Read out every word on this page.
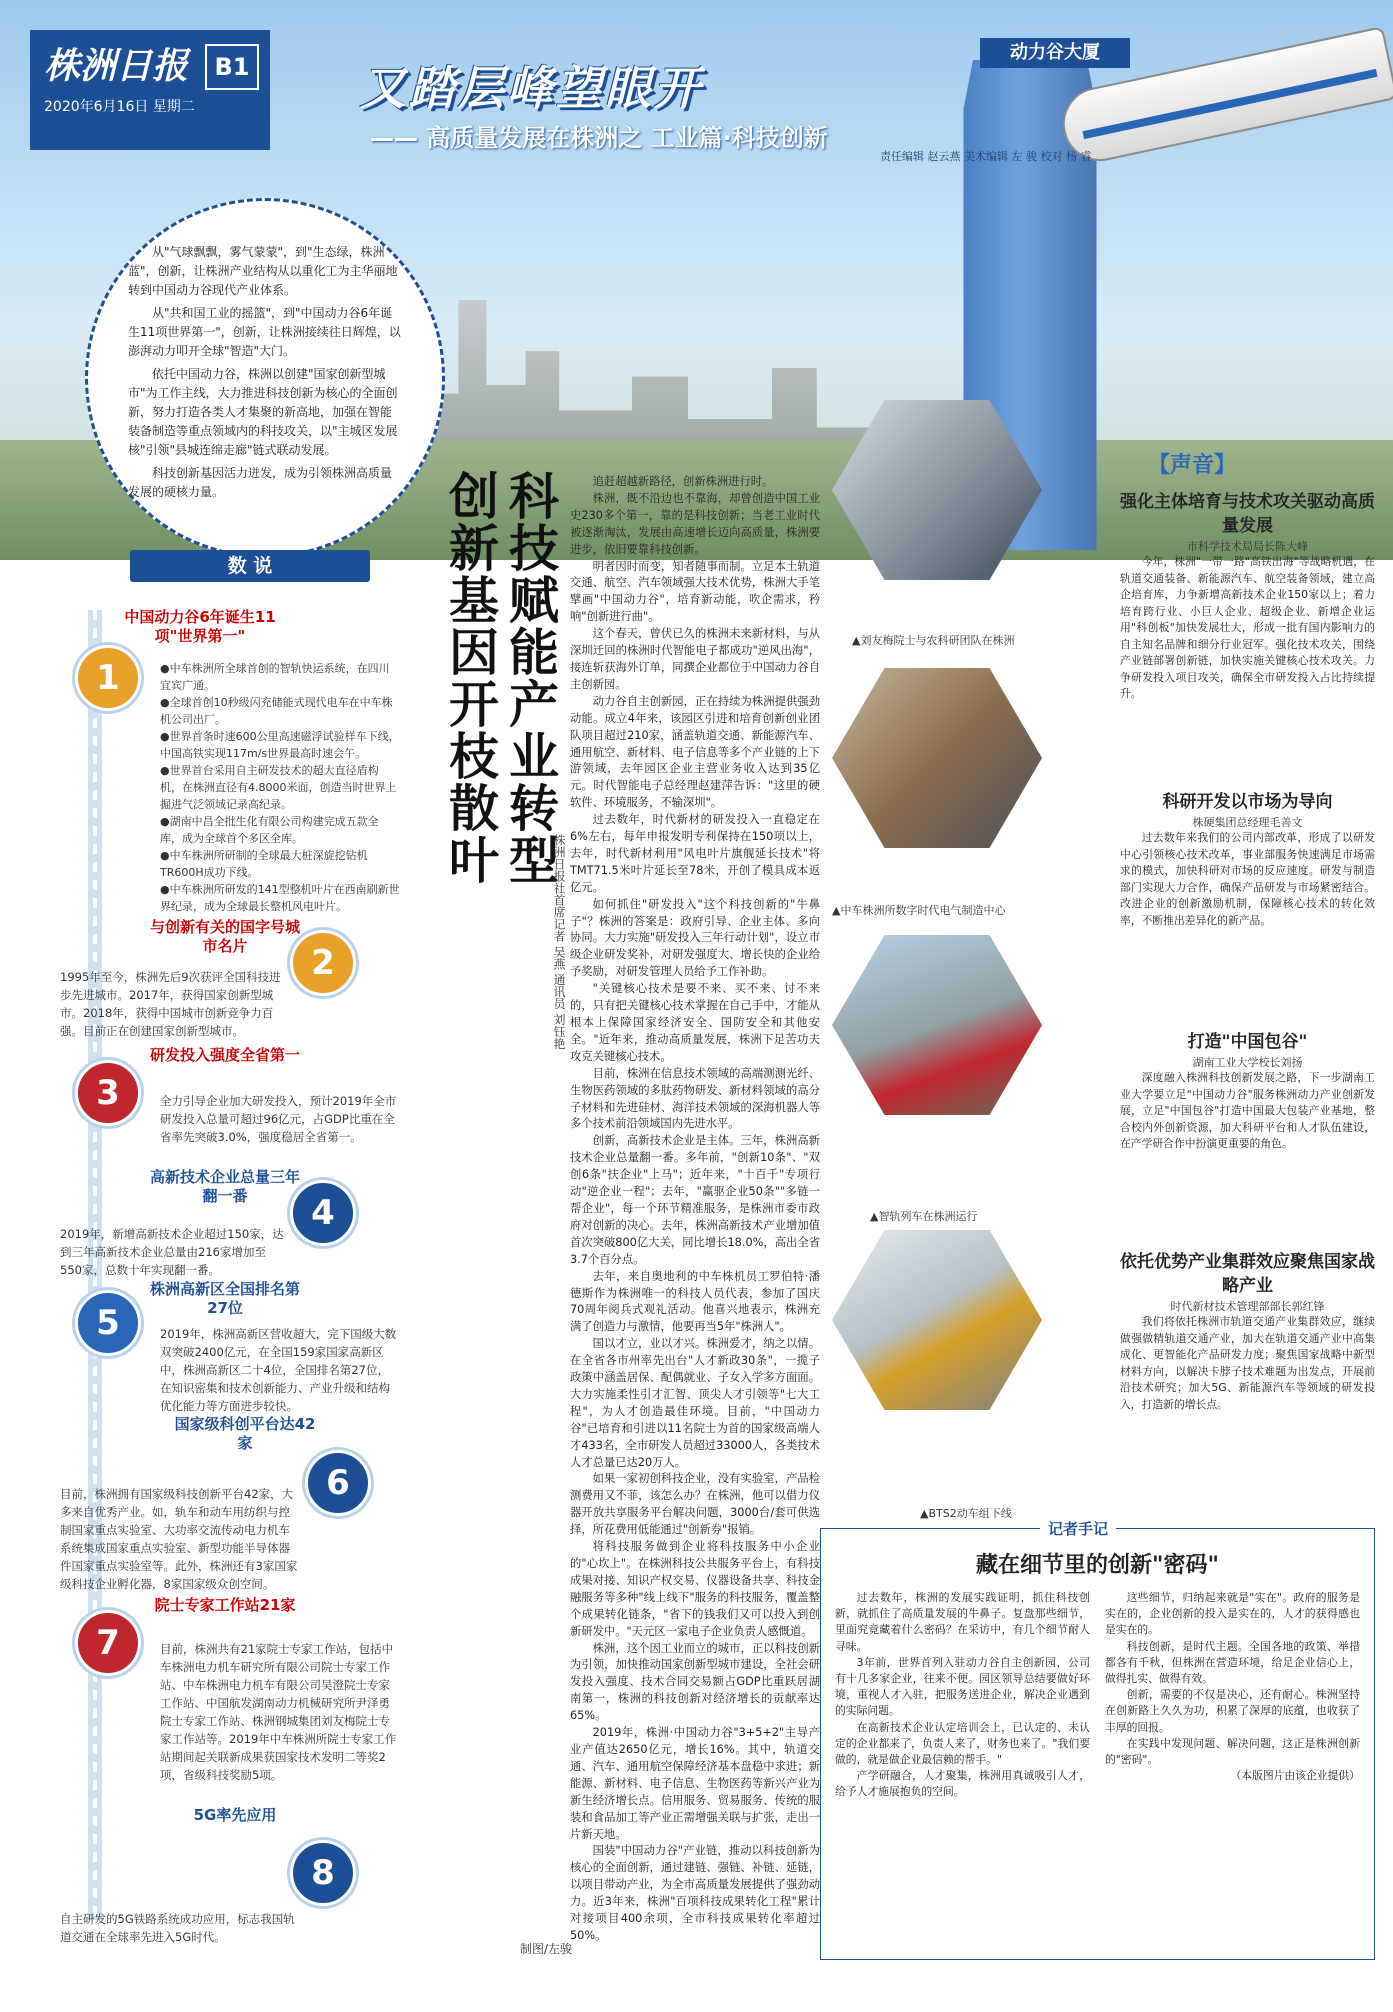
动力谷大厦
株洲日报	B1
2020年6月16日 星期二	又踏层峰望眼开
—— 高质量发展在株洲之 工业篇·科技创新
责任编辑 赵云燕 美术编辑 左 骏 校对 杨 睿

从"气球飘飘，雾气蒙蒙"，到"生态绿，株洲蓝"，创新，让株洲产业结构从以重化工为主华丽地转到中国动力谷现代产业体系。

从"共和国工业的摇篮"，到"中国动力谷6年诞生11项世界第一"，创新，让株洲接续往日辉煌，以澎湃动力叩开全球"智造"大门。

依托中国动力谷，株洲以创建"国家创新型城市"为工作主线，大力推进科技创新为核心的全面创新，努力打造各类人才集聚的新高地，加强在智能装备制造等重点领域内的科技攻关，以"主城区发展核"引领"县城连绵走廊"链式联动发展。

科技创新基因活力迸发，成为引领株洲高质量发展的硬核力量。

数 说
1
中国动力谷6年诞生11项"世界第一"
●中车株洲所全球首创的智轨快运系统，在四川宜宾广通。
●全球首创10秒级闪充储能式现代电车在中车株机公司出厂。
●世界首条时速600公里高速磁浮试验样车下线，中国高铁实现117m/s世界最高时速会午。
●世界首台采用自主研发技术的超大直径盾构机，在株洲直径有4.8000米面，创造当时世界上掘进气泛领域记录高纪录。
●湖南中昌全批生化有限公司构建完成五款全库，成为全球首个多区全库。
●中车株洲所研制的全球最大桩深旋挖钻机TR600H成功下线。
●中车株洲所研发的141型整机叶片在西南刷新世界纪录，成为全球最长整机风电叶片。
2
与创新有关的国字号城市名片
1995年至今，株洲先后9次获评全国科技进步先进城市。2017年，获得国家创新型城市。2018年，获得中国城市创新竞争力百强。目前正在创建国家创新型城市。
3
研发投入强度全省第一
全力引导企业加大研发投入，预计2019年全市研发投入总量可超过96亿元，占GDP比重在全省率先突破3.0%，强度稳居全省第一。
4
高新技术企业总量三年翻一番
2019年，新增高新技术企业超过150家，达到三年高新技术企业总量由216家增加至550家，总数十年实现翻一番。
5
株洲高新区全国排名第27位
2019年，株洲高新区营收超大，完下国级大数双突破2400亿元，在全国159家国家高新区中，株洲高新区二十4位，全国排名第27位，在知识密集和技术创新能力、产业升级和结构优化能力等方面进步较快。
6
国家级科创平台达42家
目前，株洲拥有国家级科技创新平台42家，大多来自优秀产业。如，轨车和动车用纺织与控制国家重点实验室、大功率交流传动电力机车系统集成国家重点实验室、新型功能半导体器件国家重点实验室等。此外，株洲还有3家国家级科技企业孵化器，8家国家级众创空间。
7
院士专家工作站21家
目前，株洲共有21家院士专家工作站，包括中车株洲电力机车研究所有限公司院士专家工作站、中车株洲电力机车有限公司吴澄院士专家工作站、中国航发湖南动力机械研究所尹泽勇院士专家工作站、株洲钢城集团刘友梅院士专家工作站等。2019年中车株洲所院士专家工作站期间起关联新成果获国家技术发明二等奖2项，省级科技奖励5项。
8
5G率先应用
自主研发的5G铁路系统成功应用，标志我国轨道交通在全球率先进入5G时代。
创新基因开枝散叶 科技赋能产业转型
株洲日报社首席记者 吴燕 通讯员 刘钰艳

追赶超越新路径，创新株洲进行时。

株洲，既不沿边也不靠海，却曾创造中国工业史230多个第一，靠的是科技创新；当老工业时代被逐渐淘汰，发展由高速增长迈向高质量，株洲要进步，依旧要靠科技创新。

明者因时而变，知者随事而制。立足本土轨道交通、航空、汽车领域强大技术优势，株洲大手笔擘画"中国动力谷"，培育新动能，吹企需求，矜响"创新进行曲"。

这个春天，曾伏已久的株洲未来新材料，与从深圳迁回的株洲时代智能电子都成功"逆风出海"，接连斩获海外订单，同撰企业都位于中国动力谷自主创新园。

动力谷自主创新园，正在持续为株洲提供强劲动能。成立4年来，该园区引进和培育创新创业团队项目超过210家，涵盖轨道交通、新能源汽车、通用航空、新材料、电子信息等多个产业链的上下游领域，去年园区企业主营业务收入达到35亿元。时代智能电子总经理赵建萍告诉："这里的硬软件、环境服务，不输深圳"。

过去数年，时代新材的研发投入一直稳定在6%左右，每年申报发明专利保持在150项以上，去年，时代新材利用"风电叶片旗舰延长技术"将TMT71.5米叶片延长至78米，开创了模具成本返亿元。

如何抓住"研发投入"这个科技创新的"牛鼻子"？株洲的答案是：政府引导、企业主体、多向协同。大力实施"研发投入三年行动计划"，设立市级企业研发奖补，对研发强度大、增长快的企业给予奖励，对研发管理人员给予工作补助。

"关键核心技术是要不来、买不来、讨不来的，只有把关键核心技术掌握在自己手中，才能从根本上保障国家经济安全、国防安全和其他安全。"近年来，推动高质量发展，株洲下足苦功夫攻克关键核心技术。

目前，株洲在信息技术领域的高端测测光纤、生物医药领域的多肽药物研发、新材料领域的高分子材料和先进硅材、海洋技术领域的深海机器人等多个技术前沿领域国内先进水平。

创新，高新技术企业是主体。三年，株洲高新技术企业总量翻一番。多年前，"创新10条"、"双创6条"扶企业"上马"；近年来，"十百千"专项行动"逆企业一程"；去年，"赢驱企业50条""多链一帮企业"，每一个环节精准服务，是株洲市委市政府对创新的决心。去年，株洲高新技术产业增加值首次突破800亿大关，同比增长18.0%，高出全省3.7个百分点。

去年，来自奥地利的中车株机员工罗伯特·潘德斯作为株洲唯一的科技人员代表，参加了国庆70周年阅兵式观礼活动。他喜兴地表示，株洲充满了创造力与激情，他要再当5年"株洲人"。

国以才立，业以才兴。株洲爱才，纳之以情。在全省各市州率先出台"人才新政30条"，一揽子政策中涵盖居保、配偶就业、子女入学多方面面。大力实施柔性引才汇智、顶尖人才引领等"七大工程"，为人才创造最佳环境。目前，"中国动力谷"已培育和引进以11名院士为首的国家级高端人才433名，全市研发人员超过33000人，各类技术人才总量已达20万人。

如果一家初创科技企业，没有实验室，产品检测费用又不菲，该怎么办？在株洲，他可以借力仪器开放共享服务平台解决问题，3000台/套可供选择，所花费用低能通过"创新券"报销。

将科技服务做到企业将科技服务中小企业的"心坎上"。在株洲科技公共服务平台上，有科技成果对接、知识产权交易、仪器设备共享、科技金融服务等多种"线上线下"服务的科技服务，覆盖整个成果转化链条，"省下的钱我们又可以投入到创新研发中。"天元区一家电子企业负责人感慨道。

株洲，这个因工业而立的城市，正以科技创新为引领，加快推动国家创新型城市建设，全社会研发投入强度、技术合同交易额占GDP比重跃居湖南第一，株洲的科技创新对经济增长的贡献率达65%。

2019年，株洲·中国动力谷"3+5+2"主导产业产值达2650亿元，增长16%。其中，轨道交通、汽车、通用航空保障经济基本盘稳中求进；新能源、新材料、电子信息、生物医药等新兴产业为新生经济增长点。信用服务、贸易服务、传统的服装和食品加工等产业正需增强关联与扩张，走出一片新天地。

国装"中国动力谷"产业链，推动以科技创新为核心的全面创新，通过建链、强链、补链、延链，以项目带动产业，为全市高质量发展提供了强劲动力。近3年来，株洲"百项科技成果转化工程"累计对接项目400余项，全市科技成果转化率超过50%。

▲刘友梅院士与农科研团队在株洲
▲中车株洲所数字时代电气制造中心
▲智轨列车在株洲运行
▲BTS2动车组下线
【声音】
强化主体培育与技术攻关驱动高质量发展
市科学技术局局长陈大峰

今年，株洲"一带一路"高铁出海"等战略机遇，在轨道交通装备、新能源汽车、航空装备领域，建立高企培育库，力争新增高新技术企业150家以上；着力培育跨行业、小巨人企业、超级企业、新增企业运用"科创板"加快发展壮大，形成一批有国内影响力的自主知名品牌和细分行业冠军。强化技术攻关，围绕产业链部署创新链，加快实施关键核心技术攻关。力争研发投入项目攻关，确保全市研发投入占比持续提升。

科研开发以市场为导向
株硬集团总经理毛善文

过去数年来我们的公司内部改革，形成了以研发中心引领核心技术改革，事业部服务快速满足市场需求的模式，加快科研对市场的反应速度。研发与制造部门实现大力合作，确保产品研发与市场紧密结合。改进企业的创新激励机制，保障核心技术的转化效率，不断推出差异化的新产品。

打造"中国包谷"
湖南工业大学校长刘扬

深度融入株洲科技创新发展之路，下一步湖南工业大学要立足"中国动力谷"服务株洲动力产业创新发展，立足"中国包谷"打造中国最大包装产业基地，整合校内外创新资源，加大科研平台和人才队伍建设，在产学研合作中扮演更重要的角色。

依托优势产业集群效应聚焦国家战略产业
时代新材技术管理部部长郭红锋

我们将依托株洲市轨道交通产业集群效应，继续做强做精轨道交通产业，加大在轨道交通产业中高集成化、更智能化产品研发力度；聚焦国家战略中新型材料方向，以解决卡脖子技术难题为出发点，开展前沿技术研究；加大5G、新能源汽车等领域的研发投入，打造新的增长点。

记者手记
藏在细节里的创新"密码"

过去数年，株洲的发展实践证明，抓住科技创新，就抓住了高质量发展的牛鼻子。复盘那些细节，里面究竟藏着什么密码？在采访中，有几个细节耐人寻味。

3年前，世界首列入驻动力谷自主创新园，公司有十几多家企业，往来不便。园区领导总结要做好环境，重视人才入驻，把服务送进企业，解决企业遇到的实际问题。

在高新技术企业认定培训会上，已认定的、未认定的企业都来了，负责人来了，财务也来了。"我们要做的，就是做企业最信赖的帮手。"

产学研融合，人才聚集，株洲用真诚吸引人才，给予人才施展抱负的空间。

这些细节，归纳起来就是"实在"。政府的服务是实在的，企业创新的投入是实在的，人才的获得感也是实在的。

科技创新，是时代主题。全国各地的政策、举措都各有千秋，但株洲在营造环境，给足企业信心上，做得扎实、做得有效。

创新，需要的不仅是决心，还有耐心。株洲坚持在创新路上久久为功，积累了深厚的底蕴，也收获了丰厚的回报。

在实践中发现问题、解决问题，这正是株洲创新的"密码"。

（本版图片由该企业提供）

制图/左骏
